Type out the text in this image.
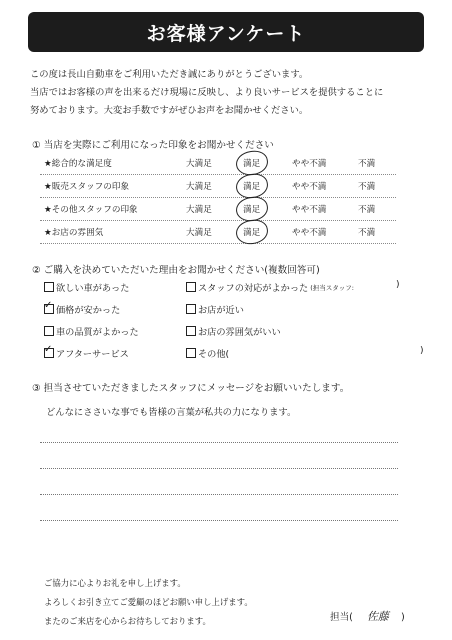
お客様アンケート
この度は長山自動車をご利用いただき誠にありがとうございます。
当店ではお客様の声を出来るだけ現場に反映し、より良いサービスを提供することに
努めております。大変お手数ですがぜひお声をお聞かせください。
① 当店を実際にご利用になった印象をお聞かせください
★総合的な満足度	大満足	満足	やや不満	不満
★販売スタッフの印象	大満足	満足	やや不満	不満
★その他スタッフの印象	大満足	満足	やや不満	不満
★お店の雰囲気	大満足	満足	やや不満	不満
② ご購入を決めていただいた理由をお聞かせください(複数回答可)
欲しい車があった	スタッフの対応がよかった (担当スタッフ:	)
✓ 価格が安かった	お店が近い
車の品質がよかった	お店の雰囲気がいい
✓ アフターサービス	その他(	)
③ 担当させていただきましたスタッフにメッセージをお願いいたします。
どんなにささいな事でも皆様の言葉が私共の力になります。
ご協力に心よりお礼を申し上げます。
よろしくお引き立てご愛顧のほどお願い申し上げます。
またのご来店を心からお待ちしております。	担当( 佐藤 )
